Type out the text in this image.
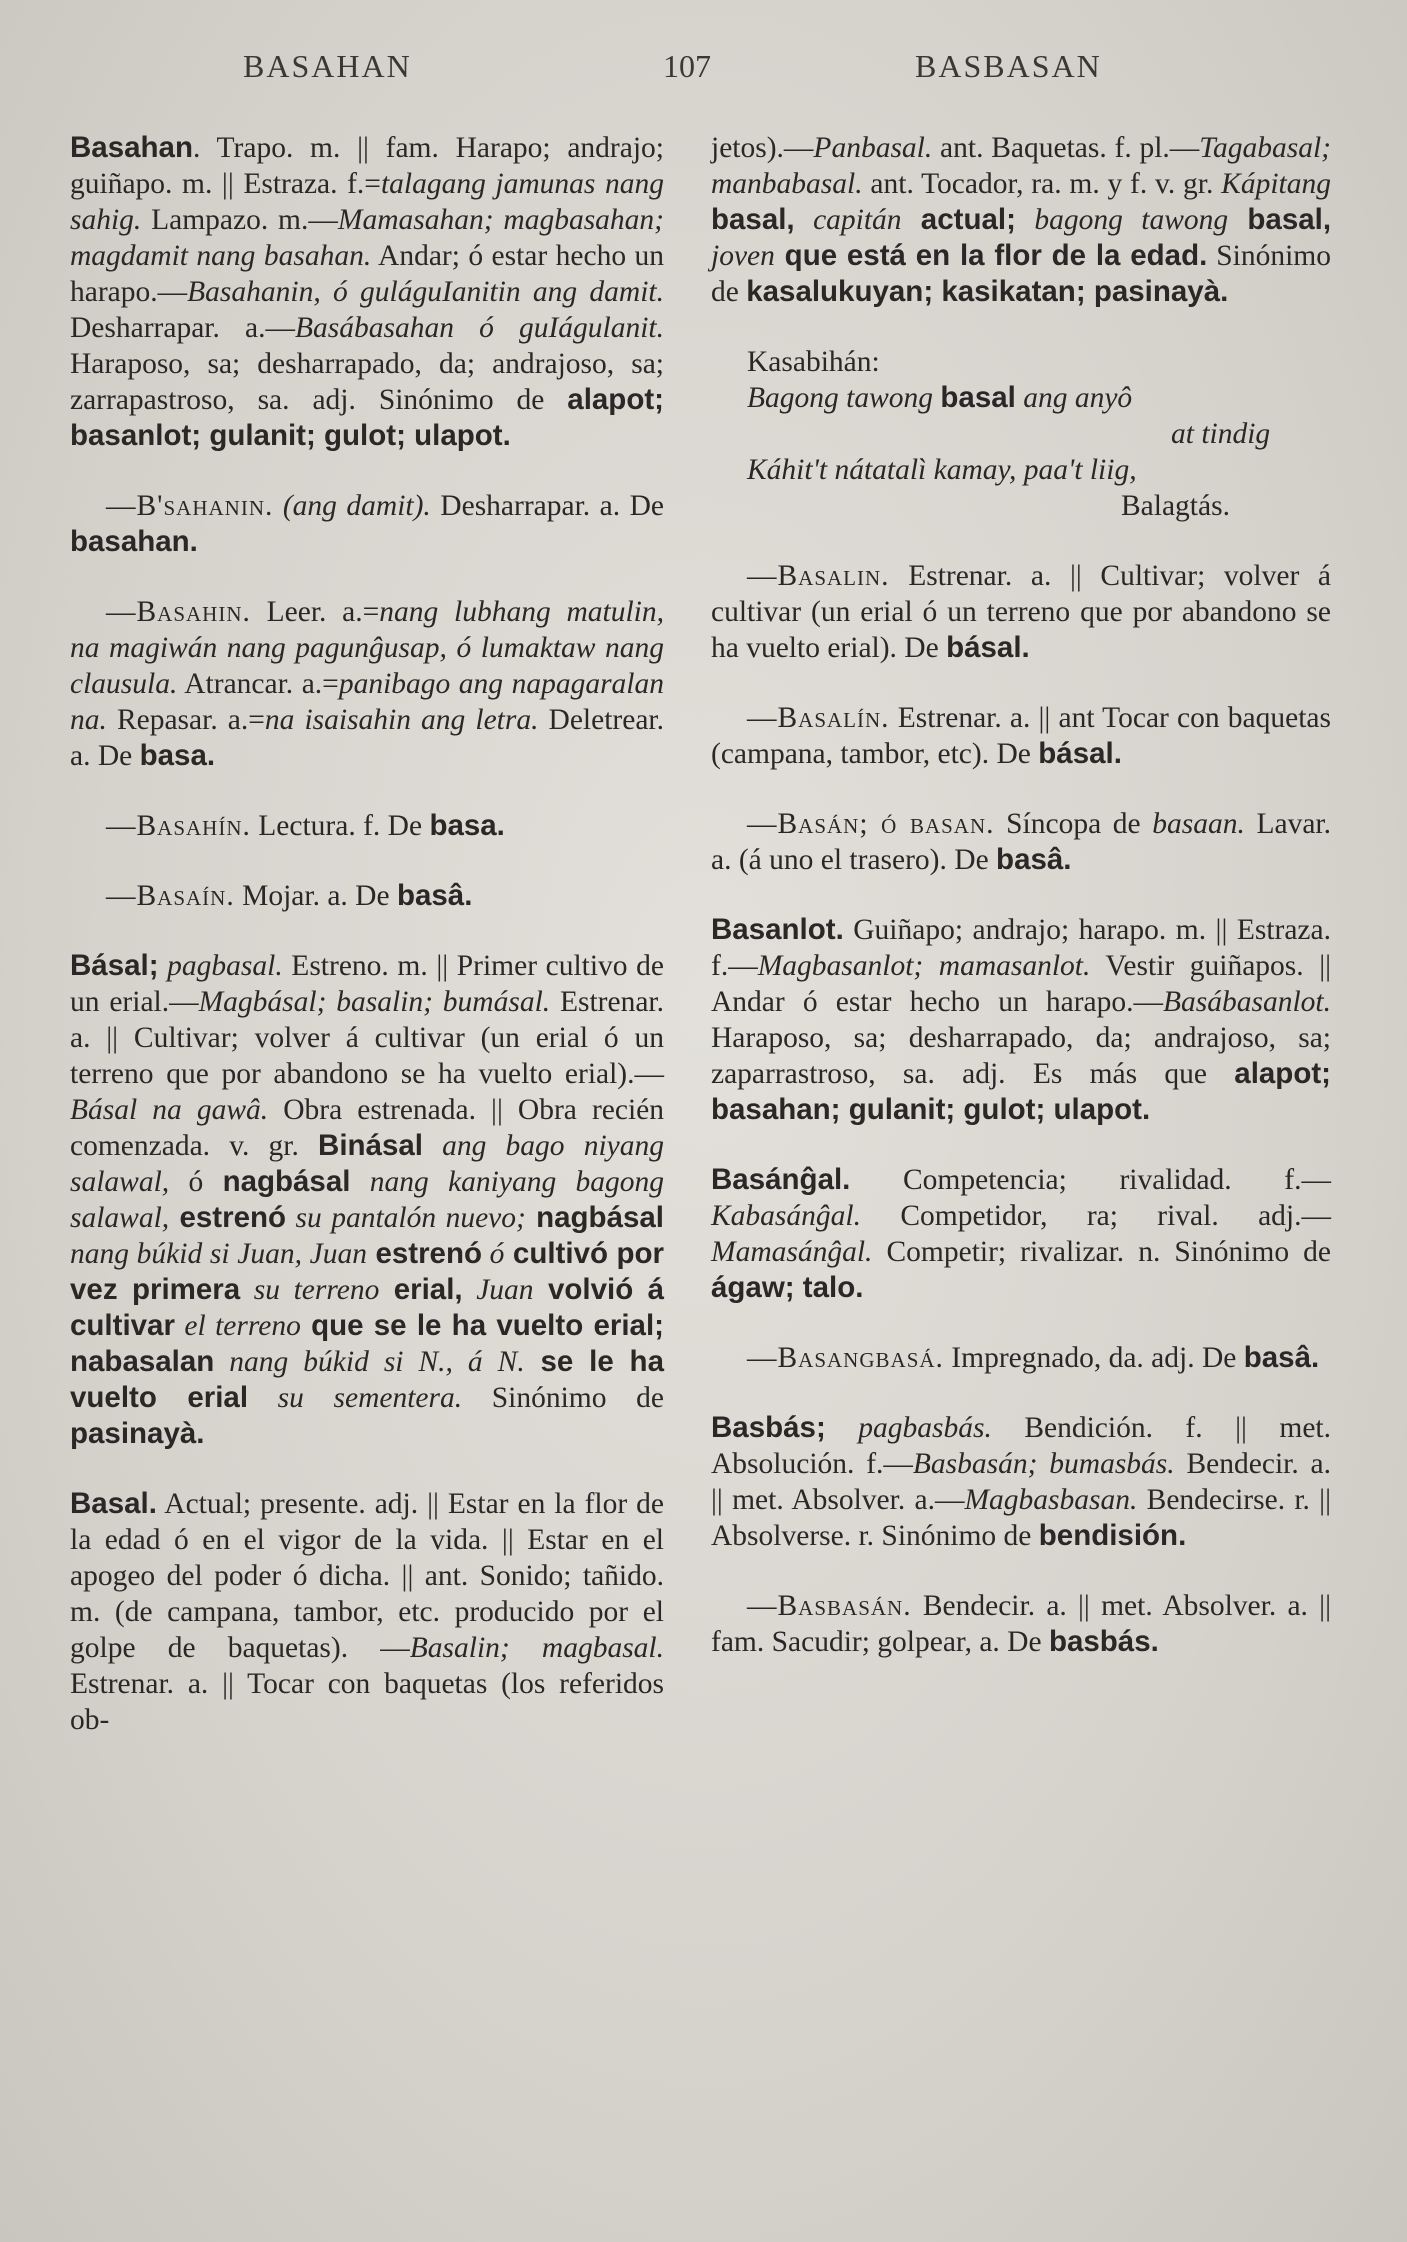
BASAHAN	107	BASBASAN

Basahan. Trapo. m. || fam. Harapo; andrajo; guiñapo. m. || Estraza. f.=talagang jamunas nang sahig. Lampazo. m.—Mamasahan; magbasahan; magdamit nang basahan. Andar; ó estar hecho un harapo.—Basahanin, ó guláguIanitin ang damit. Desharrapar. a.—Basábasahan ó guIágulanit. Haraposo, sa; desharrapado, da; andrajoso, sa; zarrapastroso, sa. adj. Sinónimo de alapot; basanlot; gulanit; gulot; ulapot.

—B'sahanin. (ang damit). Desharrapar. a. De basahan.

—Basahin. Leer. a.=nang lubhang matulin, na magiwán nang pagunĝusap, ó lumaktaw nang clausula. Atrancar. a.=panibago ang napagaralan na. Repasar. a.=na isaisahin ang letra. Deletrear. a. De basa.

—Basahín. Lectura. f. De basa.

—Basaín. Mojar. a. De basâ.

Básal; pagbasal. Estreno. m. || Primer cultivo de un erial.—Magbásal; basalin; bumásal. Estrenar. a. || Cultivar; volver á cultivar (un erial ó un terreno que por abandono se ha vuelto erial).—Básal na gawâ. Obra estrenada. || Obra recién comenzada. v. gr. Binásal ang bago niyang salawal, ó nagbásal nang kaniyang bagong salawal, estrenó su pantalón nuevo; nagbásal nang búkid si Juan, Juan estrenó ó cultivó por vez primera su terreno erial, Juan volvió á cultivar el terreno que se le ha vuelto erial; nabasalan nang búkid si N., á N. se le ha vuelto erial su sementera. Sinónimo de pasinayà.

Basal. Actual; presente. adj. || Estar en la flor de la edad ó en el vigor de la vida. || Estar en el apogeo del poder ó dicha. || ant. Sonido; tañido. m. (de campana, tambor, etc. producido por el golpe de baquetas). —Basalin; magbasal. Estrenar. a. || Tocar con baquetas (los referidos ob-

jetos).—Panbasal. ant. Baquetas. f. pl.—Tagabasal; manbabasal. ant. Tocador, ra. m. y f. v. gr. Kápitang basal, capitán actual; bagong tawong basal, joven que está en la flor de la edad. Sinónimo de kasalukuyan; kasikatan; pasinayà.

Kasabihán:
Bagong tawong basal ang anyô
at tindig
Káhit't nátatalì kamay, paa't liig,
Balagtás.

—Basalin. Estrenar. a. || Cultivar; volver á cultivar (un erial ó un terreno que por abandono se ha vuelto erial). De básal.

—Basalín. Estrenar. a. || ant Tocar con baquetas (campana, tambor, etc). De básal.

—Basán; ó basan. Síncopa de basaan. Lavar. a. (á uno el trasero). De basâ.

Basanlot. Guiñapo; andrajo; harapo. m. || Estraza. f.—Magbasanlot; mamasanlot. Vestir guiñapos. || Andar ó estar hecho un harapo.—Basábasanlot. Haraposo, sa; desharrapado, da; andrajoso, sa; zaparrastroso, sa. adj. Es más que alapot; basahan; gulanit; gulot; ulapot.

Basánĝal. Competencia; rivalidad. f.—Kabasánĝal. Competidor, ra; rival. adj.—Mamasánĝal. Competir; rivalizar. n. Sinónimo de ágaw; talo.

—Basangbasá. Impregnado, da. adj. De basâ.

Basbás; pagbasbás. Bendición. f. || met. Absolución. f.—Basbasán; bumasbás. Bendecir. a. || met. Absolver. a.—Magbasbasan. Bendecirse. r. || Absolverse. r. Sinónimo de bendisión.

—Basbasán. Bendecir. a. || met. Absolver. a. || fam. Sacudir; golpear, a. De basbás.
